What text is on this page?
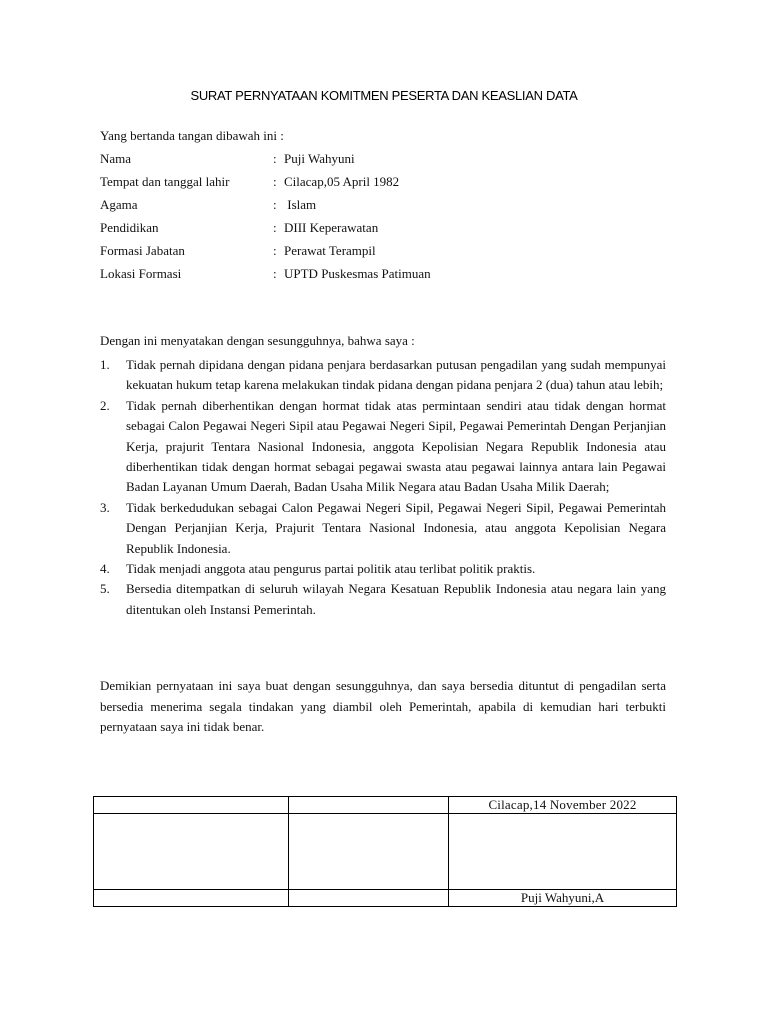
SURAT PERNYATAAN KOMITMEN PESERTA DAN KEASLIAN DATA
Yang bertanda tangan dibawah ini :
Nama	: Puji Wahyuni
Tempat dan tanggal lahir	: Cilacap,05 April 1982
Agama	: Islam
Pendidikan	: DIII Keperawatan
Formasi Jabatan	: Perawat Terampil
Lokasi Formasi	: UPTD Puskesmas Patimuan
Dengan ini menyatakan dengan sesungguhnya, bahwa saya :
1. Tidak pernah dipidana dengan pidana penjara berdasarkan putusan pengadilan yang sudah mempunyai kekuatan hukum tetap karena melakukan tindak pidana dengan pidana penjara 2 (dua) tahun atau lebih;
2. Tidak pernah diberhentikan dengan hormat tidak atas permintaan sendiri atau tidak dengan hormat sebagai Calon Pegawai Negeri Sipil atau Pegawai Negeri Sipil, Pegawai Pemerintah Dengan Perjanjian Kerja, prajurit Tentara Nasional Indonesia, anggota Kepolisian Negara Republik Indonesia atau diberhentikan tidak dengan hormat sebagai pegawai swasta atau pegawai lainnya antara lain Pegawai Badan Layanan Umum Daerah, Badan Usaha Milik Negara atau Badan Usaha Milik Daerah;
3. Tidak berkedudukan sebagai Calon Pegawai Negeri Sipil, Pegawai Negeri Sipil, Pegawai Pemerintah Dengan Perjanjian Kerja, Prajurit Tentara Nasional Indonesia, atau anggota Kepolisian Negara Republik Indonesia.
4. Tidak menjadi anggota atau pengurus partai politik atau terlibat politik praktis.
5. Bersedia ditempatkan di seluruh wilayah Negara Kesatuan Republik Indonesia atau negara lain yang ditentukan oleh Instansi Pemerintah.
Demikian pernyataan ini saya buat dengan sesungguhnya, dan saya bersedia dituntut di pengadilan serta bersedia menerima segala tindakan yang diambil oleh Pemerintah, apabila di kemudian hari terbukti pernyataan saya ini tidak benar.
		Cilacap,14 November 2022

		Puji Wahyuni,A
